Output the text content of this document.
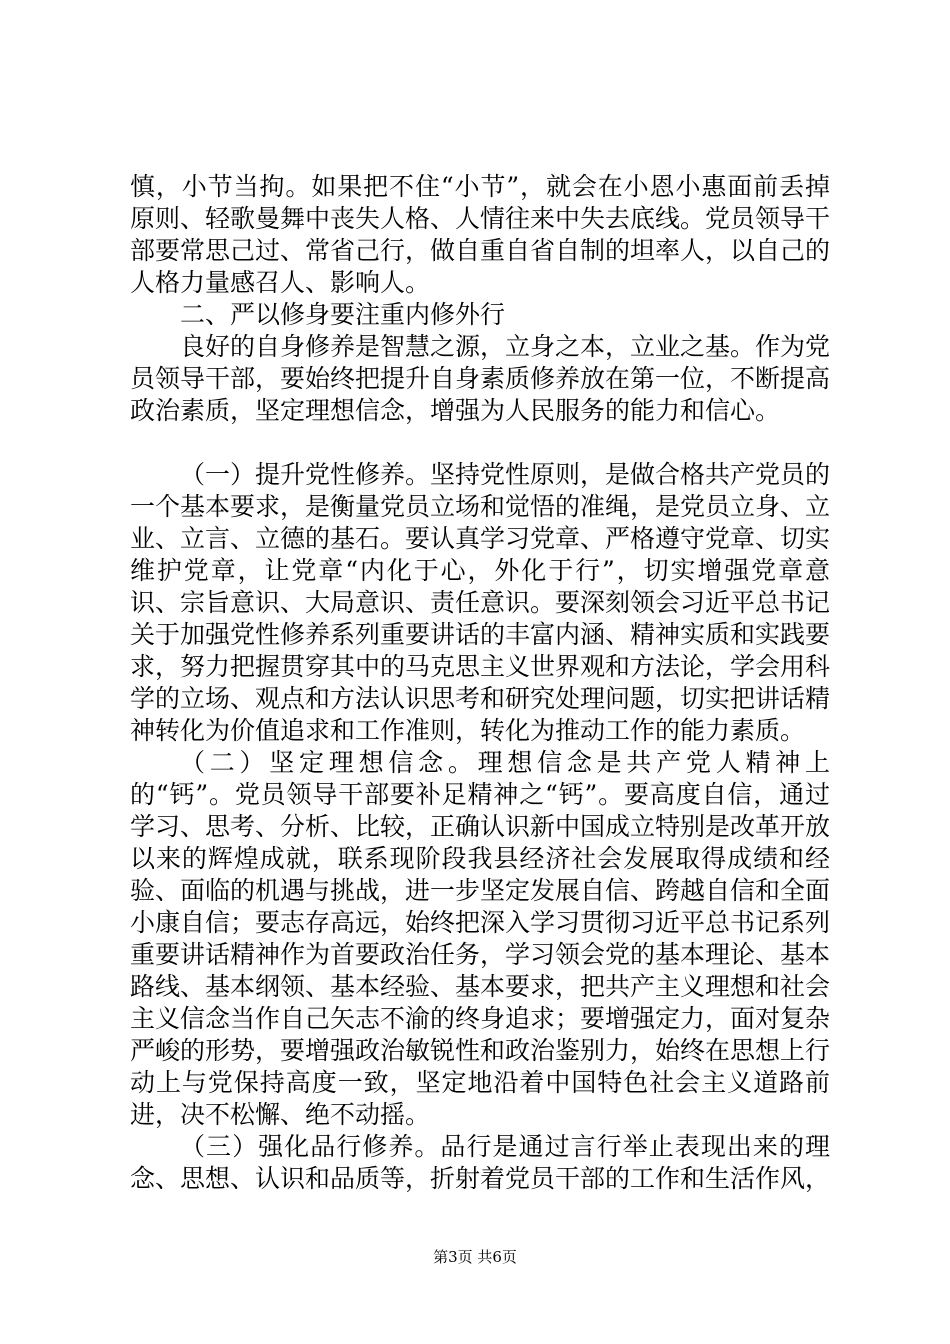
慎，小节当拘。如果把不住“小节”，就会在小恩小惠面前丢掉原则、轻歌曼舞中丧失人格、人情往来中失去底线。党员领导干部要常思己过、常省己行，做自重自省自制的坦率人，以自己的人格力量感召人、影响人。

二、严以修身要注重内修外行

良好的自身修养是智慧之源，立身之本，立业之基。作为党员领导干部，要始终把提升自身素质修养放在第一位，不断提高政治素质，坚定理想信念，增强为人民服务的能力和信心。

（一）提升党性修养。坚持党性原则，是做合格共产党员的一个基本要求，是衡量党员立场和觉悟的准绳，是党员立身、立业、立言、立德的基石。要认真学习党章、严格遵守党章、切实维护党章，让党章“内化于心，外化于行”，切实增强党章意识、宗旨意识、大局意识、责任意识。要深刻领会习近平总书记关于加强党性修养系列重要讲话的丰富内涵、精神实质和实践要求，努力把握贯穿其中的马克思主义世界观和方法论，学会用科学的立场、观点和方法认识思考和研究处理问题，切实把讲话精神转化为价值追求和工作准则，转化为推动工作的能力素质。

（二）坚定理想信念。理想信念是共产党人精神上的“钙”。党员领导干部要补足精神之“钙”。要高度自信，通过学习、思考、分析、比较，正确认识新中国成立特别是改革开放以来的辉煌成就，联系现阶段我县经济社会发展取得成绩和经验、面临的机遇与挑战，进一步坚定发展自信、跨越自信和全面小康自信；要志存高远，始终把深入学习贯彻习近平总书记系列重要讲话精神作为首要政治任务，学习领会党的基本理论、基本路线、基本纲领、基本经验、基本要求，把共产主义理想和社会主义信念当作自己矢志不渝的终身追求；要增强定力，面对复杂严峻的形势，要增强政治敏锐性和政治鉴别力，始终在思想上行动上与党保持高度一致，坚定地沿着中国特色社会主义道路前进，决不松懈、绝不动摇。

（三）强化品行修养。品行是通过言行举止表现出来的理念、思想、认识和品质等，折射着党员干部的工作和生活作风，

第3页 共6页
